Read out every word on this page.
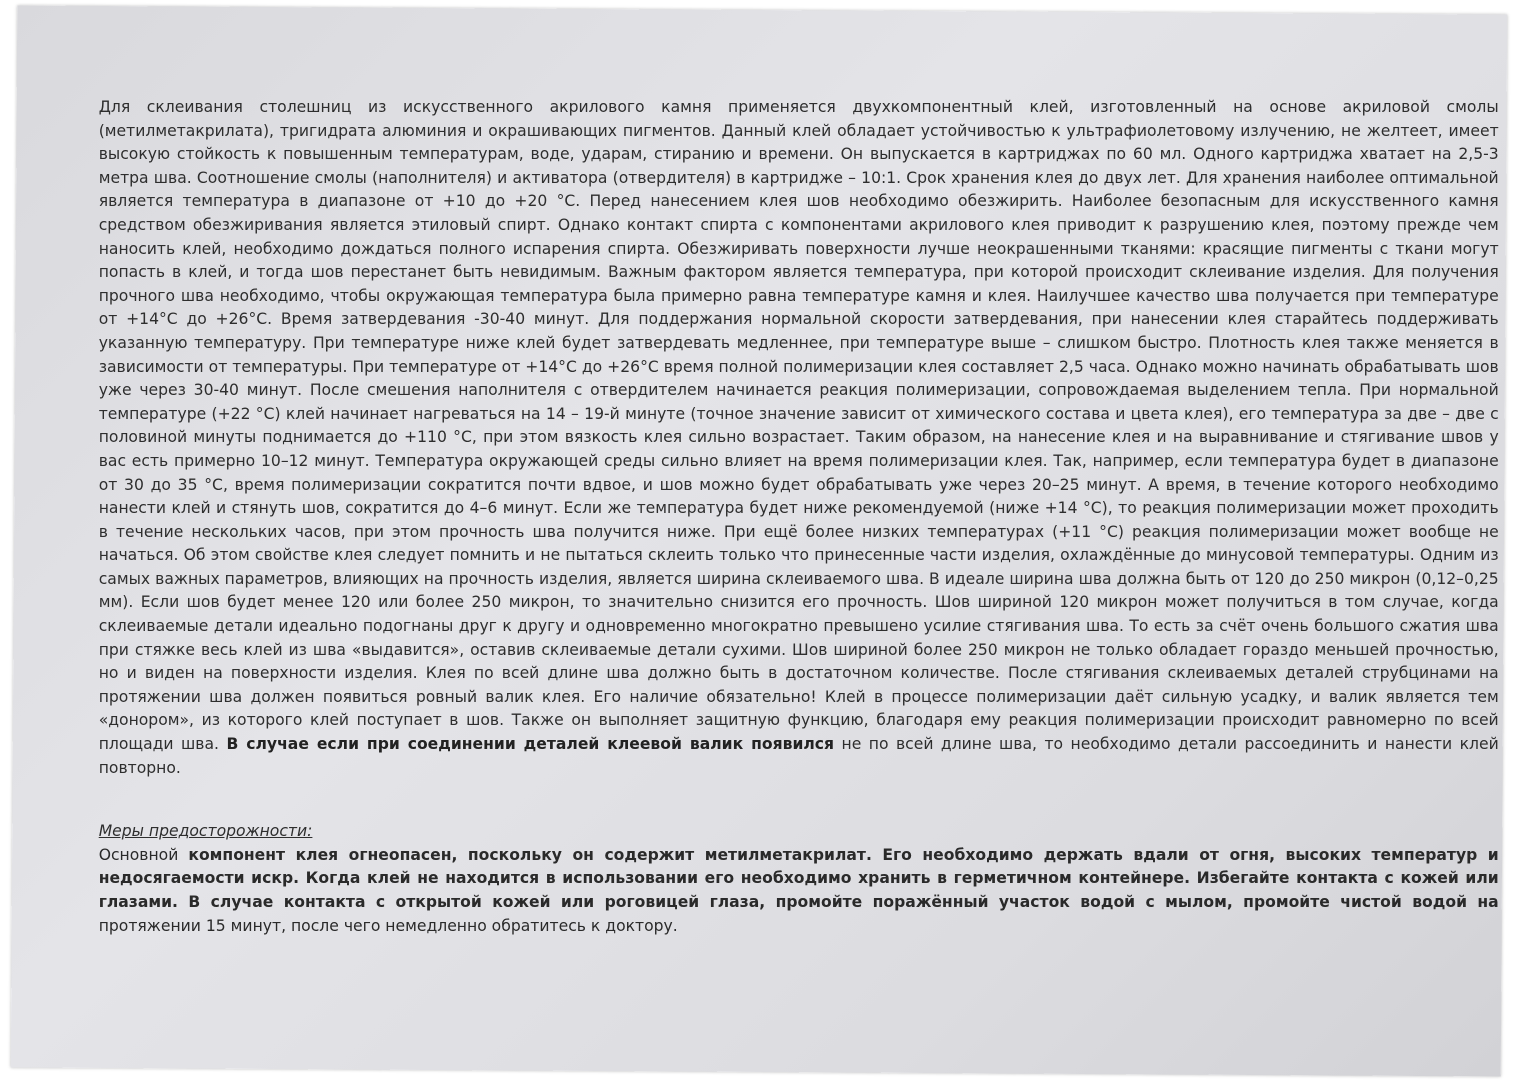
Для склеивания столешниц из искусственного акрилового камня применяется двухкомпонентный клей, изготовленный на основе акриловой смолы (метилметакрилата), тригидрата алюминия и окрашивающих пигментов. Данный клей обладает устойчивостью к ультрафиолетовому излучению, не желтеет, имеет высокую стойкость к повышенным температурам, воде, ударам, стиранию и времени. Он выпускается в картриджах по 60 мл. Одного картриджа хватает на 2,5-3 метра шва. Соотношение смолы (наполнителя) и активатора (отвердителя) в картридже – 10:1. Срок хранения клея до двух лет. Для хранения наиболее оптимальной является температура в диапазоне от +10 до +20 °С. Перед нанесением клея шов необходимо обезжирить. Наиболее безопасным для искусственного камня средством обезжиривания является этиловый спирт. Однако контакт спирта с компонентами акрилового клея приводит к разрушению клея, поэтому прежде чем наносить клей, необходимо дождаться полного испарения спирта. Обезжиривать поверхности лучше неокрашенными тканями: красящие пигменты с ткани могут попасть в клей, и тогда шов перестанет быть невидимым. Важным фактором является температура, при которой происходит склеивание изделия. Для получения прочного шва необходимо, чтобы окружающая температура была примерно равна температуре камня и клея. Наилучшее качество шва получается при температуре от +14°С до +26°С. Время затвердевания -30-40 минут. Для поддержания нормальной скорости затвердевания, при нанесении клея старайтесь поддерживать указанную температуру. При температуре ниже клей будет затвердевать медленнее, при температуре выше – слишком быстро. Плотность клея также меняется в зависимости от температуры. При температуре от +14°С до +26°С время полной полимеризации клея составляет 2,5 часа. Однако можно начинать обрабатывать шов уже через 30-40 минут. После смешения наполнителя с отвердителем начинается реакция полимеризации, сопровождаемая выделением тепла. При нормальной температуре (+22 °С) клей начинает нагреваться на 14 – 19-й минуте (точное значение зависит от химического состава и цвета клея), его температура за две – две с половиной минуты поднимается до +110 °С, при этом вязкость клея сильно возрастает. Таким образом, на нанесение клея и на выравнивание и стягивание швов у вас есть примерно 10–12 минут. Температура окружающей среды сильно влияет на время полимеризации клея. Так, например, если температура будет в диапазоне от 30 до 35 °С, время полимеризации сократится почти вдвое, и шов можно будет обрабатывать уже через 20–25 минут. А время, в течение которого необходимо нанести клей и стянуть шов, сократится до 4–6 минут. Если же температура будет ниже рекомендуемой (ниже +14 °С), то реакция полимеризации может проходить в течение нескольких часов, при этом прочность шва получится ниже. При ещё более низких температурах (+11 °С) реакция полимеризации может вообще не начаться. Об этом свойстве клея следует помнить и не пытаться склеить только что принесенные части изделия, охлаждённые до минусовой температуры. Одним из самых важных параметров, влияющих на прочность изделия, является ширина склеиваемого шва. В идеале ширина шва должна быть от 120 до 250 микрон (0,12–0,25 мм). Если шов будет менее 120 или более 250 микрон, то значительно снизится его прочность. Шов шириной 120 микрон может получиться в том случае, когда склеиваемые детали идеально подогнаны друг к другу и одновременно многократно превышено усилие стягивания шва. То есть за счёт очень большого сжатия шва при стяжке весь клей из шва «выдавится», оставив склеиваемые детали сухими. Шов шириной более 250 микрон не только обладает гораздо меньшей прочностью, но и виден на поверхности изделия. Клея по всей длине шва должно быть в достаточном количестве. После стягивания склеиваемых деталей струбцинами на протяжении шва должен появиться ровный валик клея. Его наличие обязательно! Клей в процессе полимеризации даёт сильную усадку, и валик является тем «донором», из которого клей поступает в шов. Также он выполняет защитную функцию, благодаря ему реакция полимеризации происходит равномерно по всей площади шва. В случае если при соединении деталей клеевой валик появился не по всей длине шва, то необходимо детали рассоединить и нанести клей повторно.

Меры предосторожности:

Основной компонент клея огнеопасен, поскольку он содержит метилметакрилат. Его необходимо держать вдали от огня, высоких температур и недосягаемости искр. Когда клей не находится в использовании его необходимо хранить в герметичном контейнере. Избегайте контакта с кожей или глазами. В случае контакта с открытой кожей или роговицей глаза, промойте поражённый участок водой с мылом, промойте чистой водой на протяжении 15 минут, после чего немедленно обратитесь к доктору.
